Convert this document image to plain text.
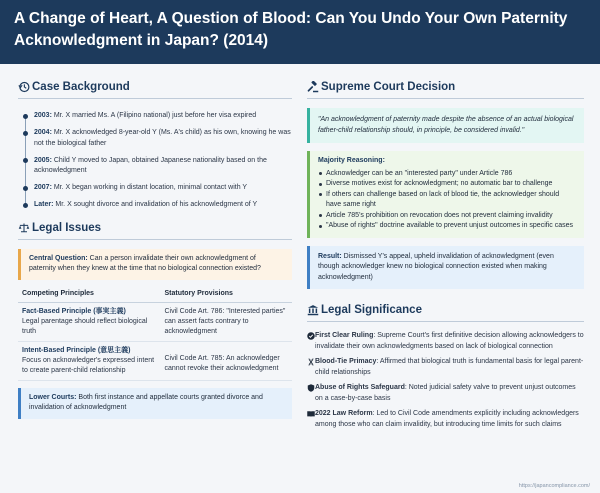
A Change of Heart, A Question of Blood: Can You Undo Your Own Paternity Acknowledgment in Japan? (2014)
Case Background
2003: Mr. X married Ms. A (Filipino national) just before her visa expired
2004: Mr. X acknowledged 8-year-old Y (Ms. A's child) as his own, knowing he was not the biological father
2005: Child Y moved to Japan, obtained Japanese nationality based on the acknowledgment
2007: Mr. X began working in distant location, minimal contact with Y
Later: Mr. X sought divorce and invalidation of his acknowledgment of Y
Legal Issues
Central Question: Can a person invalidate their own acknowledgment of paternity when they knew at the time that no biological connection existed?
Competing Principles	Statutory Provisions

Fact-Based Principle (事実主義)
Legal parentage should reflect biological truth	Civil Code Art. 786: "Interested parties" can assert facts contrary to acknowledgment

Intent-Based Principle (意思主義)
Focus on acknowledger's expressed intent to create parent-child relationship	Civil Code Art. 785: An acknowledger cannot revoke their acknowledgment
Lower Courts: Both first instance and appellate courts granted divorce and invalidation of acknowledgment
Supreme Court Decision
"An acknowledgment of paternity made despite the absence of an actual biological father-child relationship should, in principle, be considered invalid."
Majority Reasoning:
Acknowledger can be an "interested party" under Article 786
Diverse motives exist for acknowledgment; no automatic bar to challenge
If others can challenge based on lack of blood tie, the acknowledger should have same right
Article 785's prohibition on revocation does not prevent claiming invalidity
"Abuse of rights" doctrine available to prevent unjust outcomes in specific cases
Result: Dismissed Y's appeal, upheld invalidation of acknowledgment (even though acknowledger knew no biological connection existed when making acknowledgment)
Legal Significance
First Clear Ruling: Supreme Court's first definitive decision allowing acknowledgers to invalidate their own acknowledgments based on lack of biological connection
Blood-Tie Primacy: Affirmed that biological truth is fundamental basis for legal parent-child relationships
Abuse of Rights Safeguard: Noted judicial safety valve to prevent unjust outcomes on a case-by-case basis
2022 Law Reform: Led to Civil Code amendments explicitly including acknowledgers among those who can claim invalidity, but introducing time limits for such claims
https://japancompliance.com/
